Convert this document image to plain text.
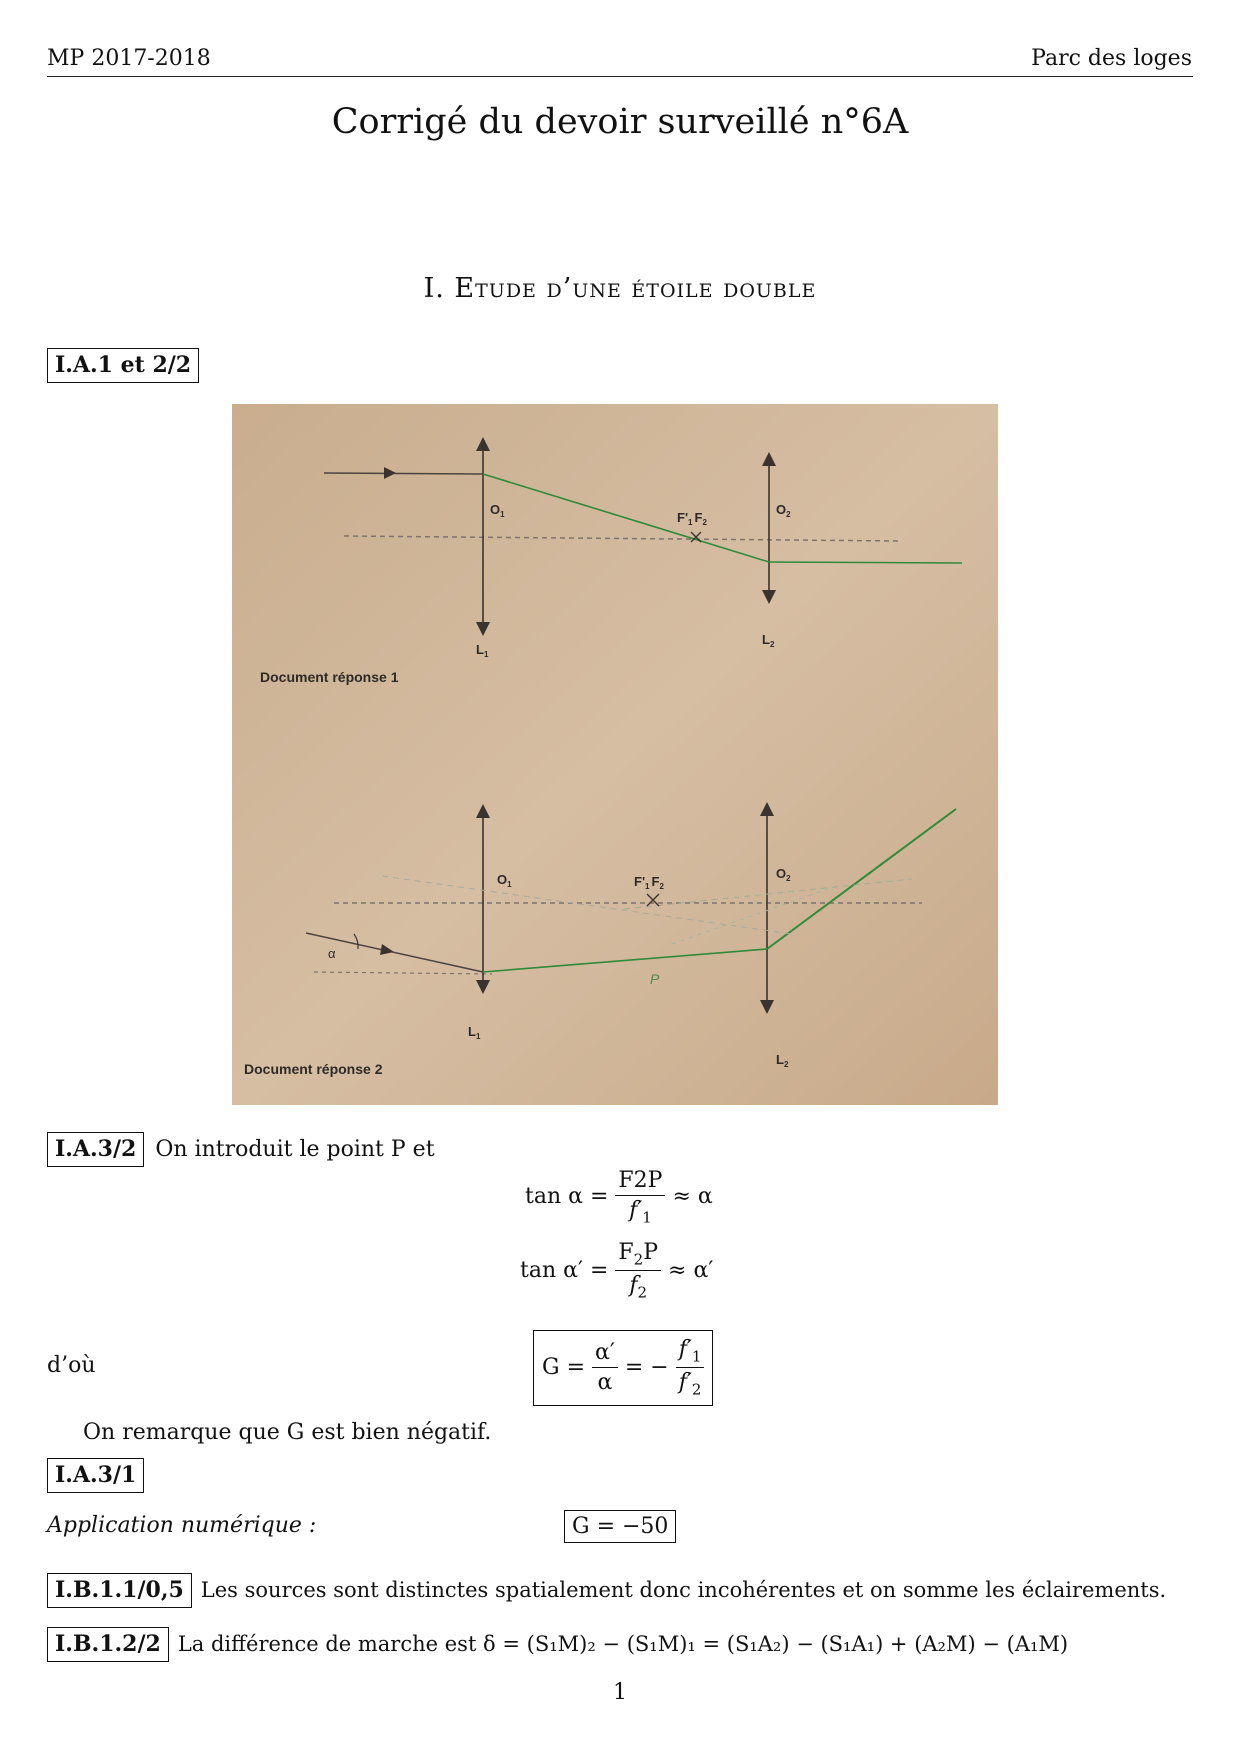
MP 2017-2018	Parc des loges
Corrigé du devoir surveillé n°6A
I. Etude d’une étoile double
I.A.1 et 2/2
$F'_1$ $F_2$
$O_1$	$O_2$
$L_1$
$L_2$
Document réponse 1
α
$F'_1$ $F_2$
P
$O_1$
$O_2$
$L_1$
$L_2$
Document réponse 2
I.A.3/2 On introduit le point P et
$\tan \alpha = \frac{F2P}{f'_1} \approx \alpha$
$\tan \alpha' = \frac{F_2P}{f_2} \approx \alpha'$
d’où	$G = \frac{\alpha'}{\alpha}$ = − $\frac{f'_1}{f'_2}$
On remarque que G est bien négatif.
I.A.3/1
Application numérique :	G = −50
I.B.1.1/0,5 Les sources sont distinctes spatialement donc incohérentes et on somme les éclairements.
I.B.1.2/2 La différence de marche est δ = (S₁M)₂ − (S₁M)₁ = (S₁A₂) − (S₁A₁) + (A₂M) − (A₁M)
1
